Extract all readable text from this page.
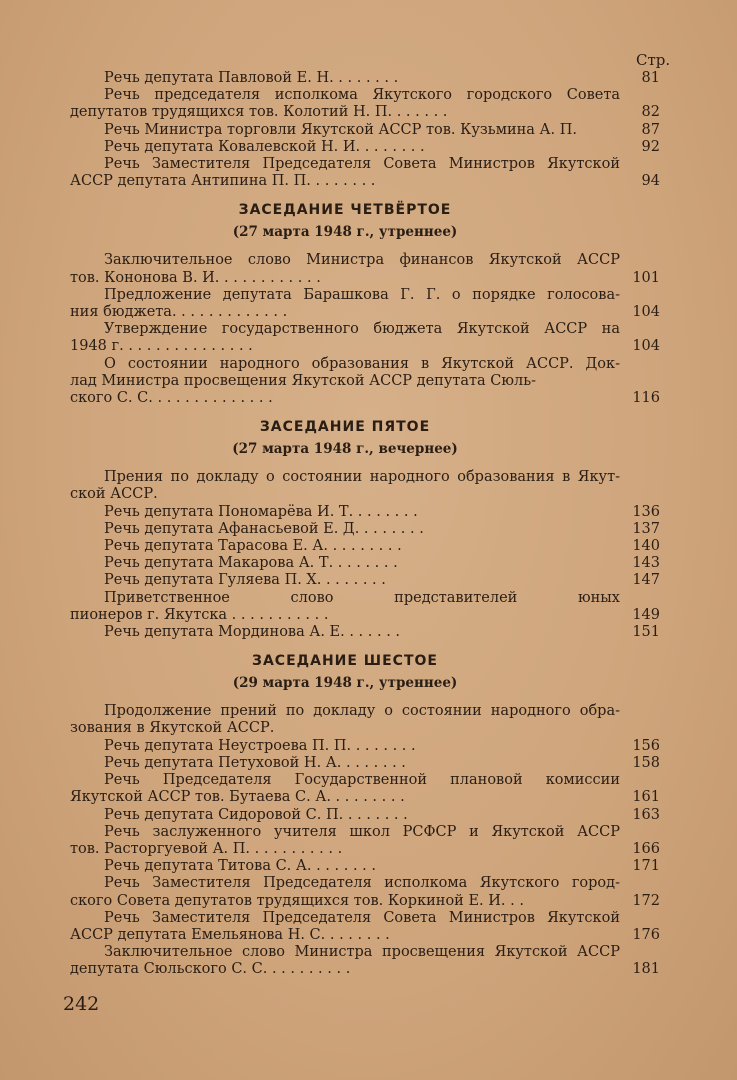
Стр.
Речь депутата Павловой Е. Н. . . . . . . .	81
Речь председателя исполкома Якутского городского Совета
депутатов трудящихся тов. Колотий Н. П. . . . . . .	82
Речь Министра торговли Якутской АССР тов. Кузьмина А. П.	87
Речь депутата Ковалевской Н. И. . . . . . . .	92
Речь Заместителя Председателя Совета Министров Якутской
АССР депутата Антипина П. П. . . . . . . .	94
ЗАСЕДАНИЕ ЧЕТВЁРТОЕ
(27 марта 1948 г., утреннее)
Заключительное слово Министра финансов Якутской АССР
тов. Кононова В. И. . . . . . . . . . . .	101
Предложение депутата Барашкова Г. Г. о порядке голосова-
ния бюджета. . . . . . . . . . . . .	104
Утверждение государственного бюджета Якутской АССР на
1948 г. . . . . . . . . . . . . . .	104
О состоянии народного образования в Якутской АССР. Док-
лад Министра просвещения Якутской АССР депутата Сюль-
ского С. С. . . . . . . . . . . . . .	116
ЗАСЕДАНИЕ ПЯТОЕ
(27 марта 1948 г., вечернее)
Прения по докладу о состоянии народного образования в Якут-
ской АССР.
Речь депутата Пономарёва И. Т. . . . . . . .	136
Речь депутата Афанасьевой Е. Д. . . . . . . .	137
Речь депутата Тарасова Е. А. . . . . . . . .	140
Речь депутата Макарова А. Т. . . . . . . .	143
Речь депутата Гуляева П. Х. . . . . . . .	147
Приветственное слово представителей юных
пионеров г. Якутска . . . . . . . . . . .	149
Речь депутата Мординова А. Е. . . . . . .	151
ЗАСЕДАНИЕ ШЕСТОЕ
(29 марта 1948 г., утреннее)
Продолжение прений по докладу о состоянии народного обра-
зования в Якутской АССР.
Речь депутата Неустроева П. П. . . . . . . .	156
Речь депутата Петуховой Н. А. . . . . . . .	158
Речь Председателя Государственной плановой комиссии
Якутской АССР тов. Бутаева С. А. . . . . . . . .	161
Речь депутата Сидоровой С. П. . . . . . . .	163
Речь заслуженного учителя школ РСФСР и Якутской АССР
тов. Расторгуевой А. П. . . . . . . . . . .	166
Речь депутата Титова С. А. . . . . . . .	171
Речь Заместителя Председателя исполкома Якутского город-
ского Совета депутатов трудящихся тов. Коркиной Е. И. . .	172
Речь Заместителя Председателя Совета Министров Якутской
АССР депутата Емельянова Н. С. . . . . . . .	176
Заключительное слово Министра просвещения Якутской АССР
депутата Сюльского С. С. . . . . . . . . .	181
242
